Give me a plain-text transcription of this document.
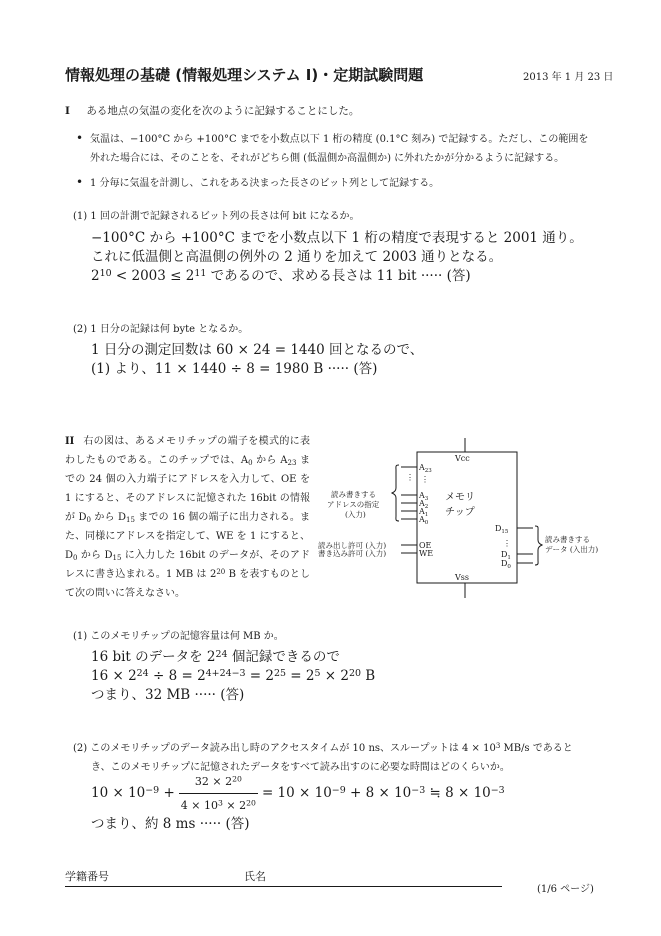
情報処理の基礎 (情報処理システム I)・定期試験問題	2013 年 1 月 23 日
I ある地点の気温の変化を次のように記録することにした。
• 気温は、−100°C から +100°C までを小数点以下 1 桁の精度 (0.1°C 刻み) で記録する。ただし、この範囲を
外れた場合には、そのことを、それがどちら側 (低温側か高温側か) に外れたかが分かるように記録する。
• 1 分毎に気温を計測し、これをある決まった長さのビット列として記録する。
(1) 1 回の計測で記録されるビット列の長さは何 bit になるか。
−100°C から +100°C までを小数点以下 1 桁の精度で表現すると 2001 通り。
これに低温側と高温側の例外の 2 通りを加えて 2003 通りとなる。
$2^{10} < 2003 \le 2^{11}$ であるので、求める長さは 11 bit ····· (答)
(2) 1 日分の記録は何 byte となるか。
1 日分の測定回数は 60 × 24 = 1440 回となるので、
(1) より、11 × 1440 ÷ 8 = 1980 B ····· (答)
II 右の図は、あるメモリチップの端子を模式的に表わしたものである。このチップでは、$A_0$ から $A_{23}$ までの 24 個の入力端子にアドレスを入力して、OE を 1 にすると、そのアドレスに記憶された 16bit の情報が $D_0$ から $D_{15}$ までの 16 個の端子に出力される。また、同様にアドレスを指定して、WE を 1 にすると、$D_0$ から $D_{15}$ に入力した 16bit のデータが、そのアドレスに書き込まれる。1 MB は $2^{20}$ B を表すものとして次の問いに答えなさい。
Vcc
Vss
$A_{23}$
$A_3$
$A_2$
$A_1$
$A_0$
⋮ ⋮
読み書きする
アドレスの指定
(入力)
メモリ
チップ
OE
WE
読み出し許可 (入力)
書き込み許可 (入力)
$D_{15}$
⋮
$D_1$
$D_0$
読み書きする
データ (入出力)
(1) このメモリチップの記憶容量は何 MB か。
16 bit のデータを $2^{24}$ 個記録できるので
$16 \times 2^{24} \div 8 = 2^{4+24-3} = 2^{25} = 2^5 \times 2^{20}$ B
つまり、32 MB ····· (答)
(2) このメモリチップのデータ読み出し時のアクセスタイムが 10 ns、スループットは $4 \times 10^3$ MB/s であると
き、このメモリチップに記憶されたデータをすべて読み出すのに必要な時間はどのくらいか。
$10 \times 10^{-9} + \frac{32 \times 2^{20}}{4 \times 10^3 \times 2^{20}} = 10 \times 10^{-9} + 8 \times 10^{-3}$ ≒ $8 \times 10^{-3}$
つまり、約 8 ms ····· (答)
学籍番号	氏名
(1/6 ページ)
